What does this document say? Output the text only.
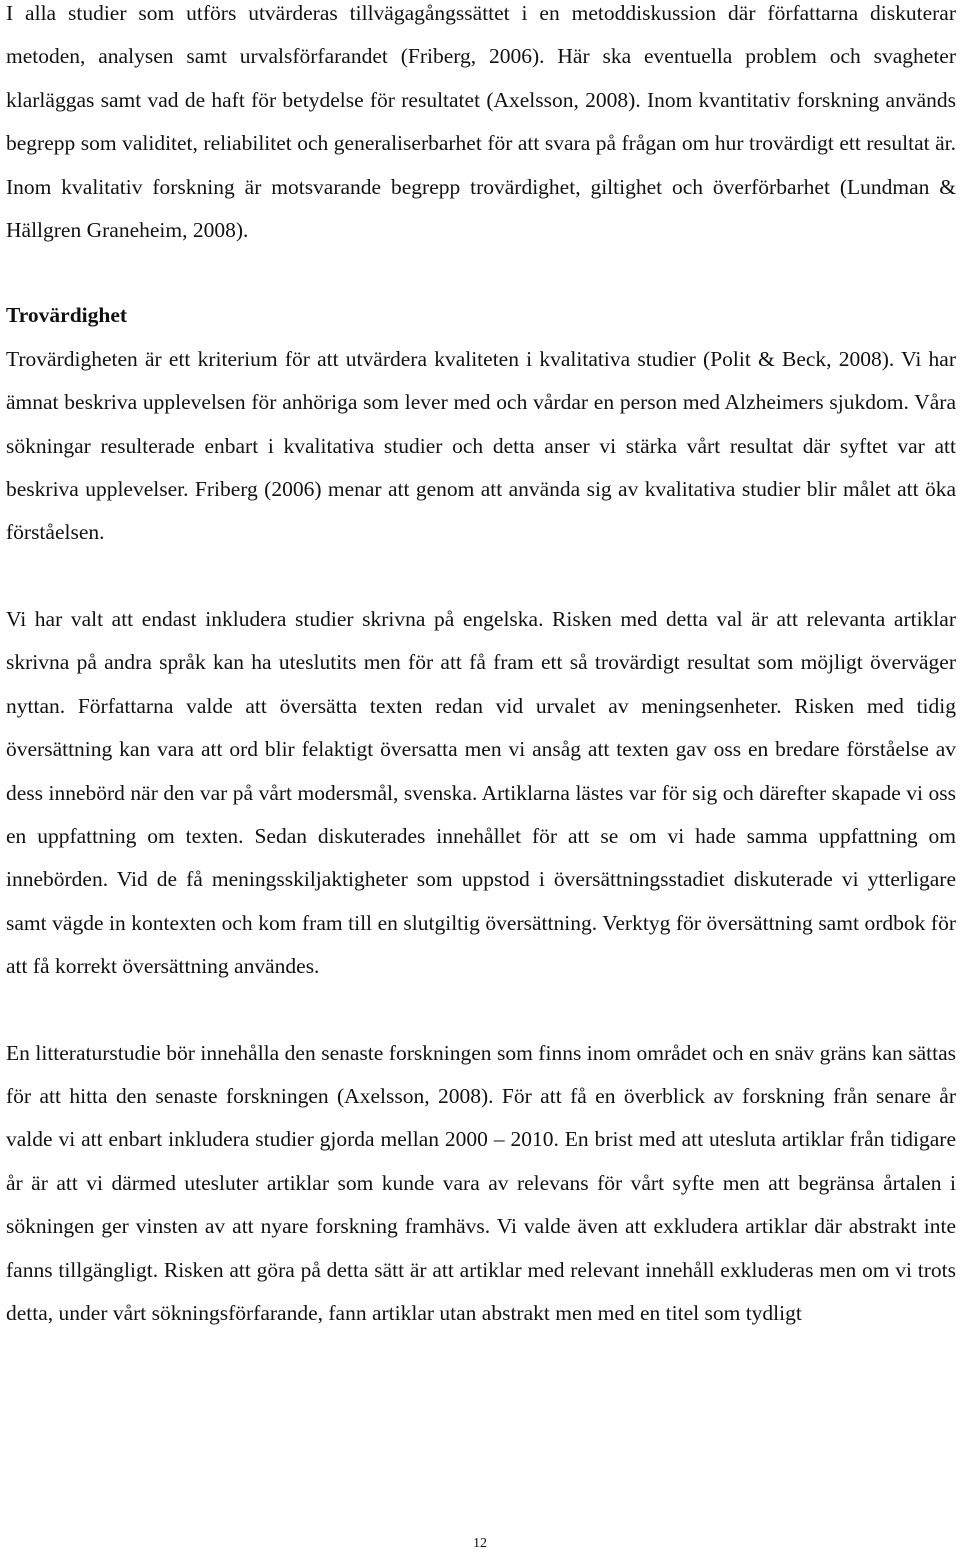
I alla studier som utförs utvärderas tillvägagångssättet i en metoddiskussion där författarna diskuterar metoden, analysen samt urvalsförfarandet (Friberg, 2006). Här ska eventuella problem och svagheter klarläggas samt vad de haft för betydelse för resultatet (Axelsson, 2008). Inom kvantitativ forskning används begrepp som validitet, reliabilitet och generaliserbarhet för att svara på frågan om hur trovärdigt ett resultat är. Inom kvalitativ forskning är motsvarande begrepp trovärdighet, giltighet och överförbarhet (Lundman & Hällgren Graneheim, 2008).

Trovärdighet

Trovärdigheten är ett kriterium för att utvärdera kvaliteten i kvalitativa studier (Polit & Beck, 2008). Vi har ämnat beskriva upplevelsen för anhöriga som lever med och vårdar en person med Alzheimers sjukdom. Våra sökningar resulterade enbart i kvalitativa studier och detta anser vi stärka vårt resultat där syftet var att beskriva upplevelser. Friberg (2006) menar att genom att använda sig av kvalitativa studier blir målet att öka förståelsen.

Vi har valt att endast inkludera studier skrivna på engelska. Risken med detta val är att relevanta artiklar skrivna på andra språk kan ha uteslutits men för att få fram ett så trovärdigt resultat som möjligt överväger nyttan. Författarna valde att översätta texten redan vid urvalet av meningsenheter. Risken med tidig översättning kan vara att ord blir felaktigt översatta men vi ansåg att texten gav oss en bredare förståelse av dess innebörd när den var på vårt modersmål, svenska. Artiklarna lästes var för sig och därefter skapade vi oss en uppfattning om texten. Sedan diskuterades innehållet för att se om vi hade samma uppfattning om innebörden. Vid de få meningsskiljaktigheter som uppstod i översättningsstadiet diskuterade vi ytterligare samt vägde in kontexten och kom fram till en slutgiltig översättning. Verktyg för översättning samt ordbok för att få korrekt översättning användes.

En litteraturstudie bör innehålla den senaste forskningen som finns inom området och en snäv gräns kan sättas för att hitta den senaste forskningen (Axelsson, 2008). För att få en överblick av forskning från senare år valde vi att enbart inkludera studier gjorda mellan 2000 – 2010. En brist med att utesluta artiklar från tidigare år är att vi därmed utesluter artiklar som kunde vara av relevans för vårt syfte men att begränsa årtalen i sökningen ger vinsten av att nyare forskning framhävs. Vi valde även att exkludera artiklar där abstrakt inte fanns tillgängligt. Risken att göra på detta sätt är att artiklar med relevant innehåll exkluderas men om vi trots detta, under vårt sökningsförfarande, fann artiklar utan abstrakt men med en titel som tydligt

12
